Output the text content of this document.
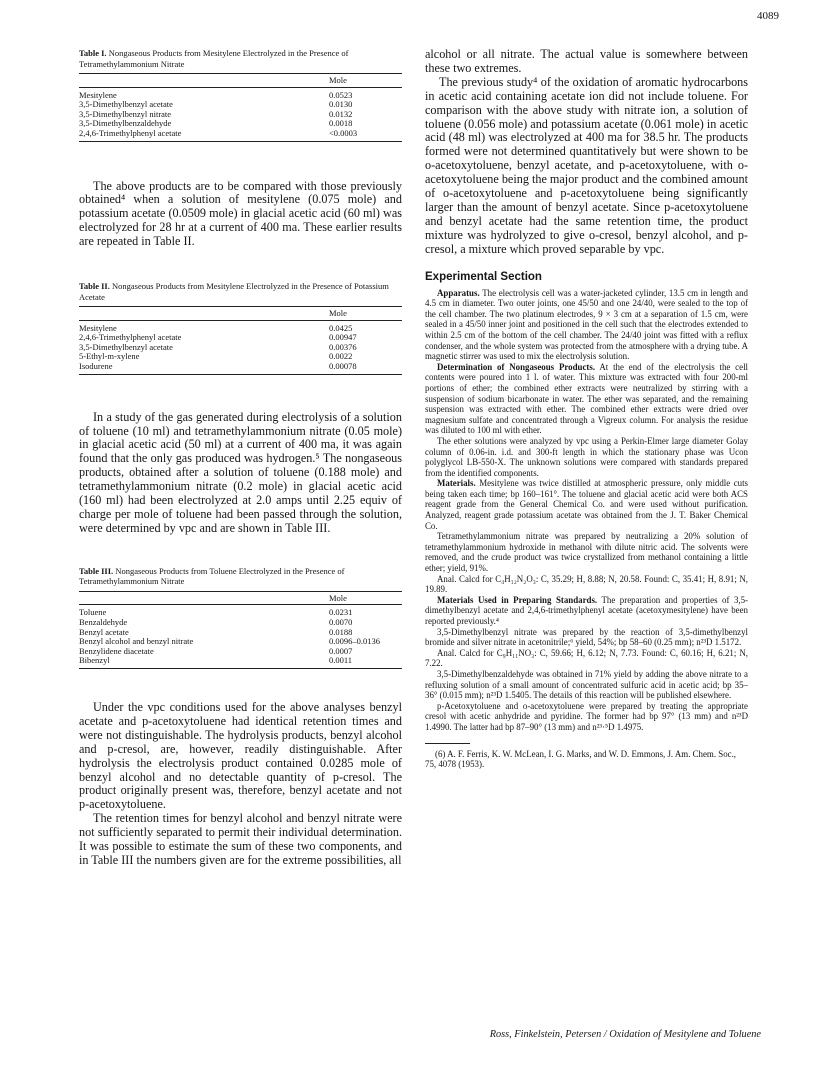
4089

Table I. Nongaseous Products from Mesitylene Electrolyzed in the Presence of Tetramethylammonium Nitrate

	Mole
Mesitylene	0.0523
3,5-Dimethylbenzyl acetate	0.0130
3,5-Dimethylbenzyl nitrate	0.0132
3,5-Dimethylbenzaldehyde	0.0018
2,4,6-Trimethylphenyl acetate	<0.0003

The above products are to be compared with those previously obtained⁴ when a solution of mesitylene (0.075 mole) and potassium acetate (0.0509 mole) in glacial acetic acid (60 ml) was electrolyzed for 28 hr at a current of 400 ma. These earlier results are repeated in Table II.

Table II. Nongaseous Products from Mesitylene Electrolyzed in the Presence of Potassium Acetate

	Mole
Mesitylene	0.0425
2,4,6-Trimethylphenyl acetate	0.00947
3,5-Dimethylbenzyl acetate	0.00376
5-Ethyl-m-xylene	0.0022
Isodurene	0.00078

In a study of the gas generated during electrolysis of a solution of toluene (10 ml) and tetramethylammonium nitrate (0.05 mole) in glacial acetic acid (50 ml) at a current of 400 ma, it was again found that the only gas produced was hydrogen.⁵ The nongaseous products, obtained after a solution of toluene (0.188 mole) and tetramethylammonium nitrate (0.2 mole) in glacial acetic acid (160 ml) had been electrolyzed at 2.0 amps until 2.25 equiv of charge per mole of toluene had been passed through the solution, were determined by vpc and are shown in Table III.

Table III. Nongaseous Products from Toluene Electrolyzed in the Presence of Tetramethylammonium Nitrate

	Mole
Toluene	0.0231
Benzaldehyde	0.0070
Benzyl acetate	0.0188
Benzyl alcohol and benzyl nitrate	0.0096–0.0136
Benzylidene diacetate	0.0007
Bibenzyl	0.0011

Under the vpc conditions used for the above analyses benzyl acetate and p-acetoxytoluene had identical retention times and were not distinguishable. The hydrolysis products, benzyl alcohol and p-cresol, are, however, readily distinguishable. After hydrolysis the electrolysis product contained 0.0285 mole of benzyl alcohol and no detectable quantity of p-cresol. The product originally present was, therefore, benzyl acetate and not p-acetoxytoluene.

The retention times for benzyl alcohol and benzyl nitrate were not sufficiently separated to permit their individual determination. It was possible to estimate the sum of these two components, and in Table III the numbers given are for the extreme possibilities, all

alcohol or all nitrate. The actual value is somewhere between these two extremes.

The previous study⁴ of the oxidation of aromatic hydrocarbons in acetic acid containing acetate ion did not include toluene. For comparison with the above study with nitrate ion, a solution of toluene (0.056 mole) and potassium acetate (0.061 mole) in acetic acid (48 ml) was electrolyzed at 400 ma for 38.5 hr. The products formed were not determined quantitatively but were shown to be o-acetoxytoluene, benzyl acetate, and p-acetoxytoluene, with o-acetoxytoluene being the major product and the combined amount of o-acetoxytoluene and p-acetoxytoluene being significantly larger than the amount of benzyl acetate. Since p-acetoxytoluene and benzyl acetate had the same retention time, the product mixture was hydrolyzed to give o-cresol, benzyl alcohol, and p-cresol, a mixture which proved separable by vpc.

Experimental Section

Apparatus. The electrolysis cell was a water-jacketed cylinder, 13.5 cm in length and 4.5 cm in diameter. Two outer joints, one 45/50 and one 24/40, were sealed to the top of the cell chamber. The two platinum electrodes, 9 × 3 cm at a separation of 1.5 cm, were sealed in a 45/50 inner joint and positioned in the cell such that the electrodes extended to within 2.5 cm of the bottom of the cell chamber. The 24/40 joint was fitted with a reflux condenser, and the whole system was protected from the atmosphere with a drying tube. A magnetic stirrer was used to mix the electrolysis solution.

Determination of Nongaseous Products. At the end of the electrolysis the cell contents were poured into 1 l. of water. This mixture was extracted with four 200-ml portions of ether; the combined ether extracts were neutralized by stirring with a suspension of sodium bicarbonate in water. The ether was separated, and the remaining suspension was extracted with ether. The combined ether extracts were dried over magnesium sulfate and concentrated through a Vigreux column. For analysis the residue was diluted to 100 ml with ether.

The ether solutions were analyzed by vpc using a Perkin-Elmer large diameter Golay column of 0.06-in. i.d. and 300-ft length in which the stationary phase was Ucon polyglycol LB-550-X. The unknown solutions were compared with standards prepared from the identified components.

Materials. Mesitylene was twice distilled at atmospheric pressure, only middle cuts being taken each time; bp 160–161°. The toluene and glacial acetic acid were both ACS reagent grade from the General Chemical Co. and were used without purification. Analyzed, reagent grade potassium acetate was obtained from the J. T. Baker Chemical Co.

Tetramethylammonium nitrate was prepared by neutralizing a 20% solution of tetramethylammonium hydroxide in methanol with dilute nitric acid. The solvents were removed, and the crude product was twice crystallized from methanol containing a little ether; yield, 91%.

Anal. Calcd for C₄H₁₂N₂O₃: C, 35.29; H, 8.88; N, 20.58. Found: C, 35.41; H, 8.91; N, 19.89.

Materials Used in Preparing Standards. The preparation and properties of 3,5-dimethylbenzyl acetate and 2,4,6-trimethylphenyl acetate (acetoxymesitylene) have been reported previously.⁴

3,5-Dimethylbenzyl nitrate was prepared by the reaction of 3,5-dimethylbenzyl bromide and silver nitrate in acetonitrile;⁶ yield, 54%; bp 58–60 (0.25 mm); n²³D 1.5172.

Anal. Calcd for C₉H₁₁NO₃: C, 59.66; H, 6.12; N, 7.73. Found: C, 60.16; H, 6.21; N, 7.22.

3,5-Dimethylbenzaldehyde was obtained in 71% yield by adding the above nitrate to a refluxing solution of a small amount of concentrated sulfuric acid in acetic acid; bp 35–36° (0.015 mm); n²³D 1.5405. The details of this reaction will be published elsewhere.

p-Acetoxytoluene and o-acetoxytoluene were prepared by treating the appropriate cresol with acetic anhydride and pyridine. The former had bp 97° (13 mm) and n²³D 1.4990. The latter had bp 87–90° (13 mm) and n²³·⁵D 1.4975.

(6) A. F. Ferris, K. W. McLean, I. G. Marks, and W. D. Emmons, J. Am. Chem. Soc., 75, 4078 (1953).

Ross, Finkelstein, Petersen / Oxidation of Mesitylene and Toluene
